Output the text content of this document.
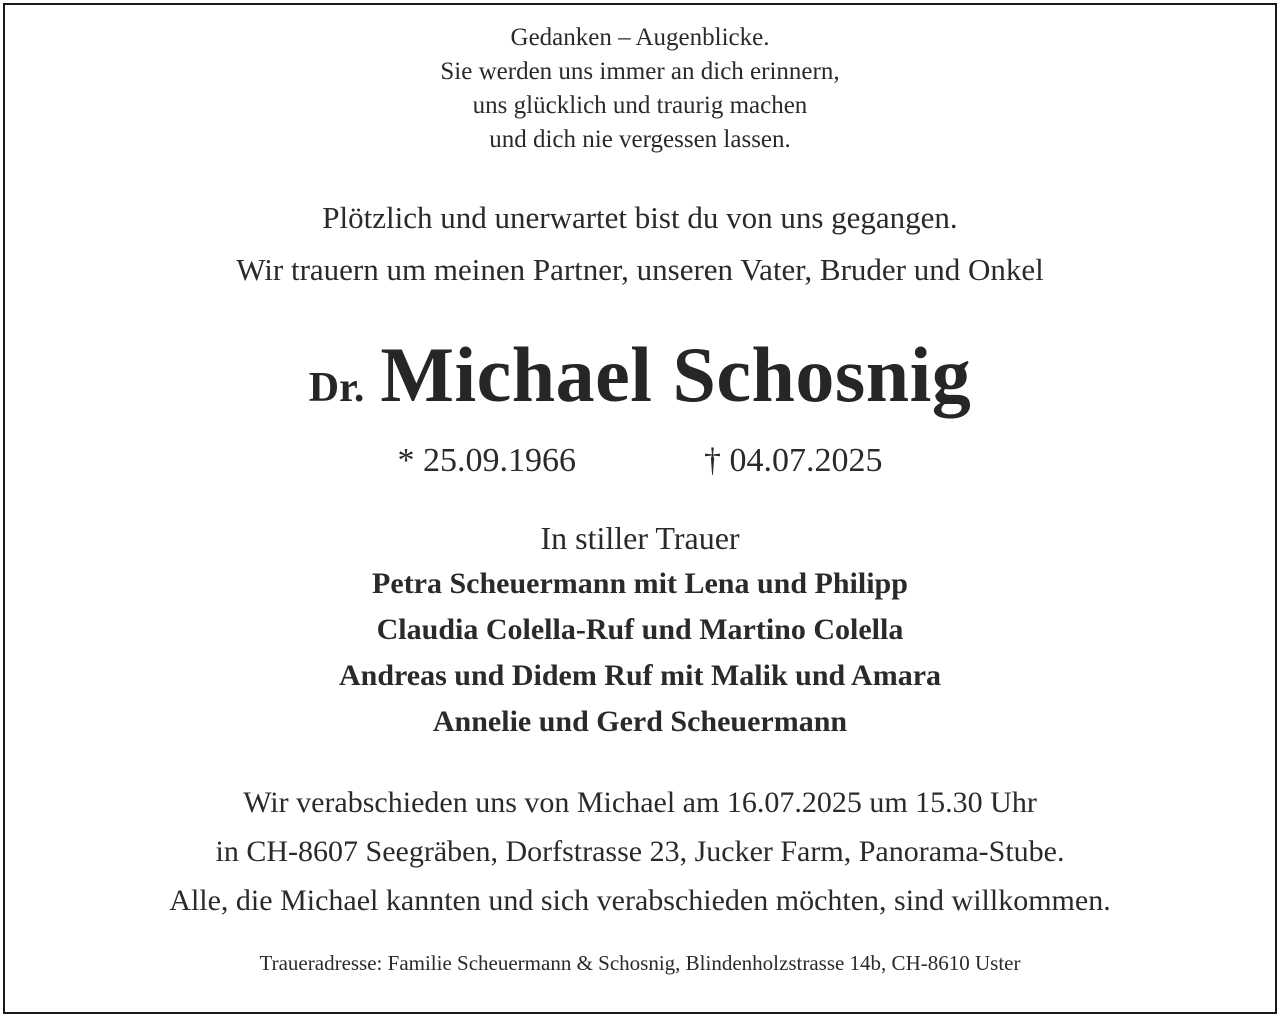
Gedanken – Augenblicke.
Sie werden uns immer an dich erinnern,
uns glücklich und traurig machen
und dich nie vergessen lassen.
Plötzlich und unerwartet bist du von uns gegangen.
Wir trauern um meinen Partner, unseren Vater, Bruder und Onkel
Dr. Michael Schosnig
* 25.09.1966	† 04.07.2025
In stiller Trauer
Petra Scheuermann mit Lena und Philipp
Claudia Colella-Ruf und Martino Colella
Andreas und Didem Ruf mit Malik und Amara
Annelie und Gerd Scheuermann
Wir verabschieden uns von Michael am 16.07.2025 um 15.30 Uhr
in CH-8607 Seegräben, Dorfstrasse 23, Jucker Farm, Panorama-Stube.
Alle, die Michael kannten und sich verabschieden möchten, sind willkommen.
Traueradresse: Familie Scheuermann & Schosnig, Blindenholzstrasse 14b, CH-8610 Uster
